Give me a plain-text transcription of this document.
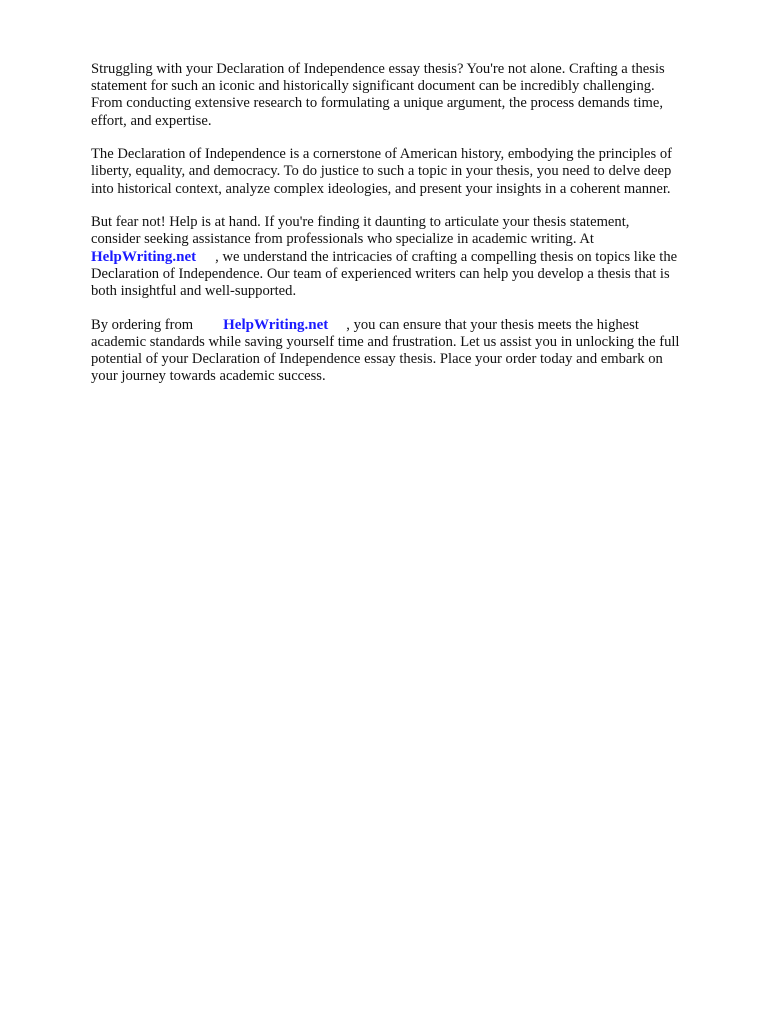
Struggling with your Declaration of Independence essay thesis? You're not alone. Crafting a thesis
statement for such an iconic and historically significant document can be incredibly challenging.
From conducting extensive research to formulating a unique argument, the process demands time,
effort, and expertise.

The Declaration of Independence is a cornerstone of American history, embodying the principles of
liberty, equality, and democracy. To do justice to such a topic in your thesis, you need to delve deep
into historical context, analyze complex ideologies, and present your insights in a coherent manner.

But fear not! Help is at hand. If you're finding it daunting to articulate your thesis statement,
consider seeking assistance from professionals who specialize in academic writing. At
HelpWriting.net , we understand the intricacies of crafting a compelling thesis on topics like the
Declaration of Independence. Our team of experienced writers can help you develop a thesis that is
both insightful and well-supported.

By ordering from HelpWriting.net , you can ensure that your thesis meets the highest
academic standards while saving yourself time and frustration. Let us assist you in unlocking the full
potential of your Declaration of Independence essay thesis. Place your order today and embark on
your journey towards academic success.
